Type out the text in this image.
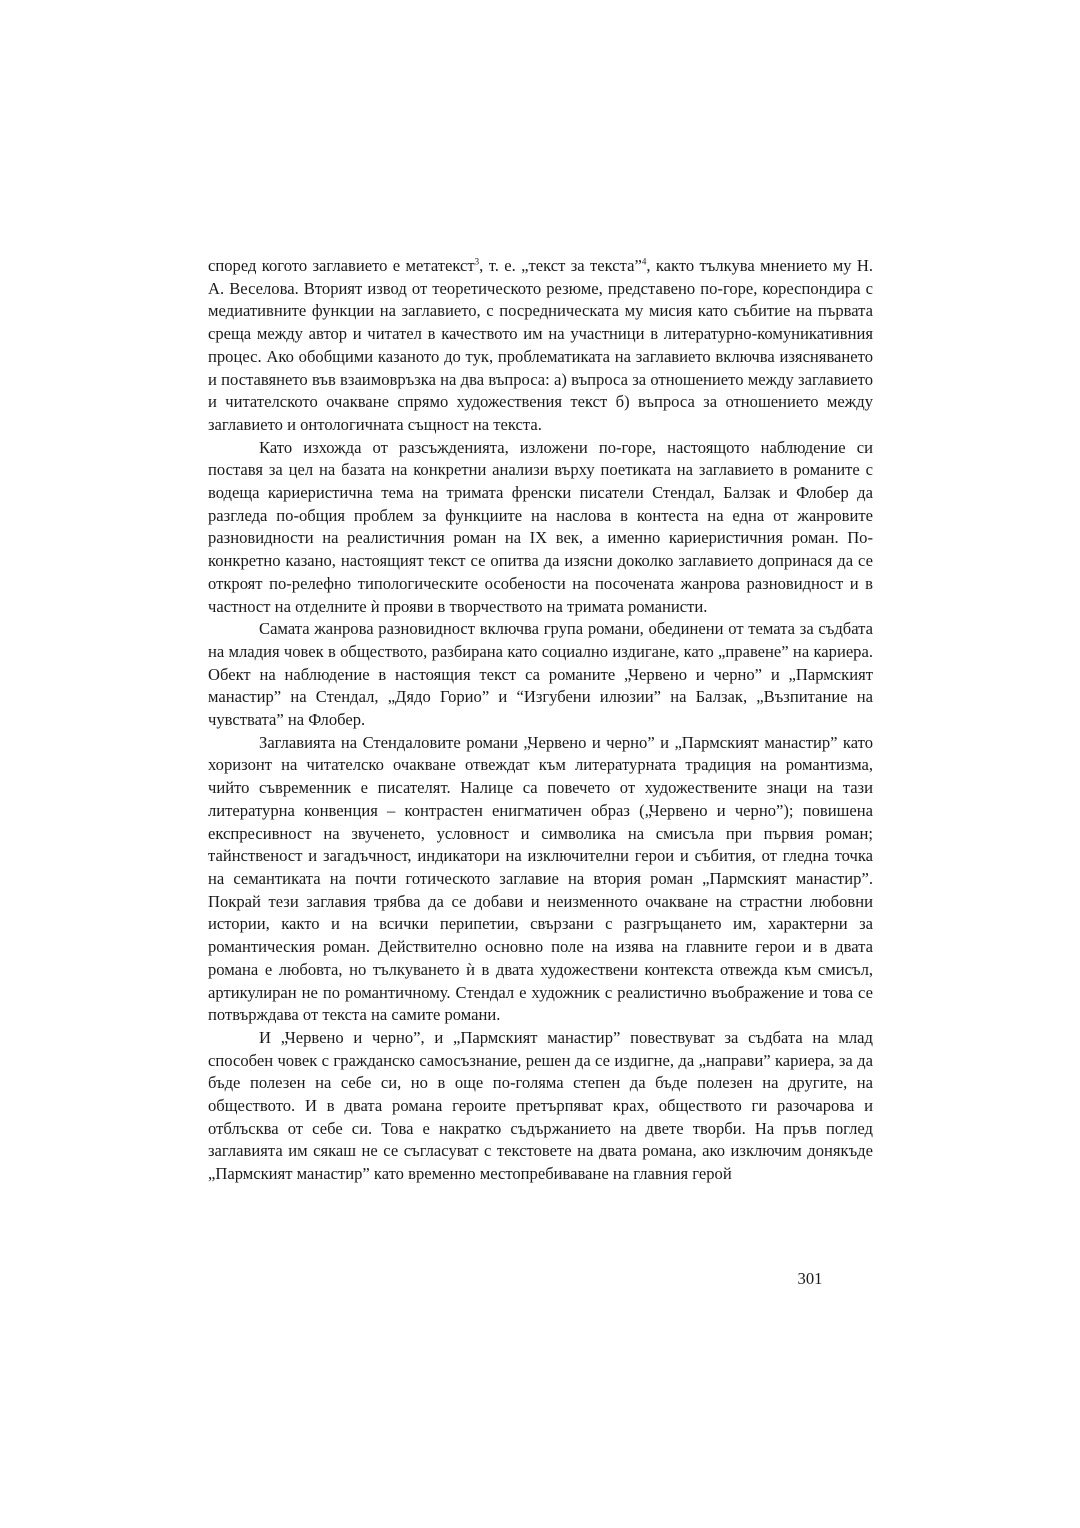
според когото заглавието е метатекст$^3$, т. е. „текст за текста”$^4$, както тълкува мнението му Н. А. Веселова. Вторият извод от теоретическото резюме, представено по-горе, кореспондира с медиативните функции на заглавието, с посредническата му мисия като събитие на първата среща между автор и читател в качеството им на участници в литературно-комуникативния процес. Ако обобщими казаното до тук, проблематиката на заглавието включва изясняването и поставянето във взаимовръзка на два въпроса: а) въпроса за отношението между заглавието и читателското очакване спрямо художествения текст б) въпроса за отношението между заглавието и онтологичната същност на текста.

Като изхожда от разсъжденията, изложени по-горе, настоящото наблюдение си поставя за цел на базата на конкретни анализи върху поетиката на заглавието в романите с водеща кариеристична тема на тримата френски писатели Стендал, Балзак и Флобер да разгледа по-общия проблем за функциите на наслова в контеста на една от жанровите разновидности на реалистичния роман на IX век, а именно кариеристичния роман. По-конкретно казано, настоящият текст се опитва да изясни доколко заглавието допринася да се откроят по-релефно типологическите особености на посочената жанрова разновидност и в частност на отделните ѝ прояви в творчеството на тримата романисти.

Самата жанрова разновидност включва група романи, обединени от темата за съдбата на младия човек в обществото, разбирана като социално издигане, като „правене” на кариера. Обект на наблюдение в настоящия текст са романите „Червено и черно” и „Пармският манастир” на Стендал, „Дядо Горио” и “Изгубени илюзии” на Балзак, „Възпитание на чувствата” на Флобер.

Заглавията на Стендаловите романи „Червено и черно” и „Пармският манастир” като хоризонт на читателско очакване отвеждат към литературната традиция на романтизма, чийто съвременник е писателят. Налице са повечето от художествените знаци на тази литературна конвенция – контрастен енигматичен образ („Червено и черно”); повишена експресивност на звученето, условност и символика на смисъла при първия роман; тайнственост и загадъчност, индикатори на изключителни герои и събития, от гледна точка на семантиката на почти готическото заглавие на втория роман „Пармският манастир”. Покрай тези заглавия трябва да се добави и неизменното очакване на страстни любовни истории, както и на всички перипетии, свързани с разгръщането им, характерни за романтическия роман. Действително основно поле на изява на главните герои и в двата романа е любовта, но тълкуването ѝ в двата художествени контекста отвежда към смисъл, артикулиран не по романтичному. Стендал е художник с реалистично въображение и това се потвърждава от текста на самите романи.

И „Червено и черно”, и „Пармският манастир” повествуват за съдбата на млад способен човек с гражданско самосъзнание, решен да се издигне, да „направи” кариера, за да бъде полезен на себе си, но в още по-голяма степен да бъде полезен на другите, на обществото. И в двата романа героите претърпяват крах, обществото ги разочарова и отблъсква от себе си. Това е накратко съдържанието на двете творби. На пръв поглед заглавията им сякаш не се съгласуват с текстовете на двата романа, ако изключим донякъде „Пармският манастир” като временно местопребиваване на главния герой

301
